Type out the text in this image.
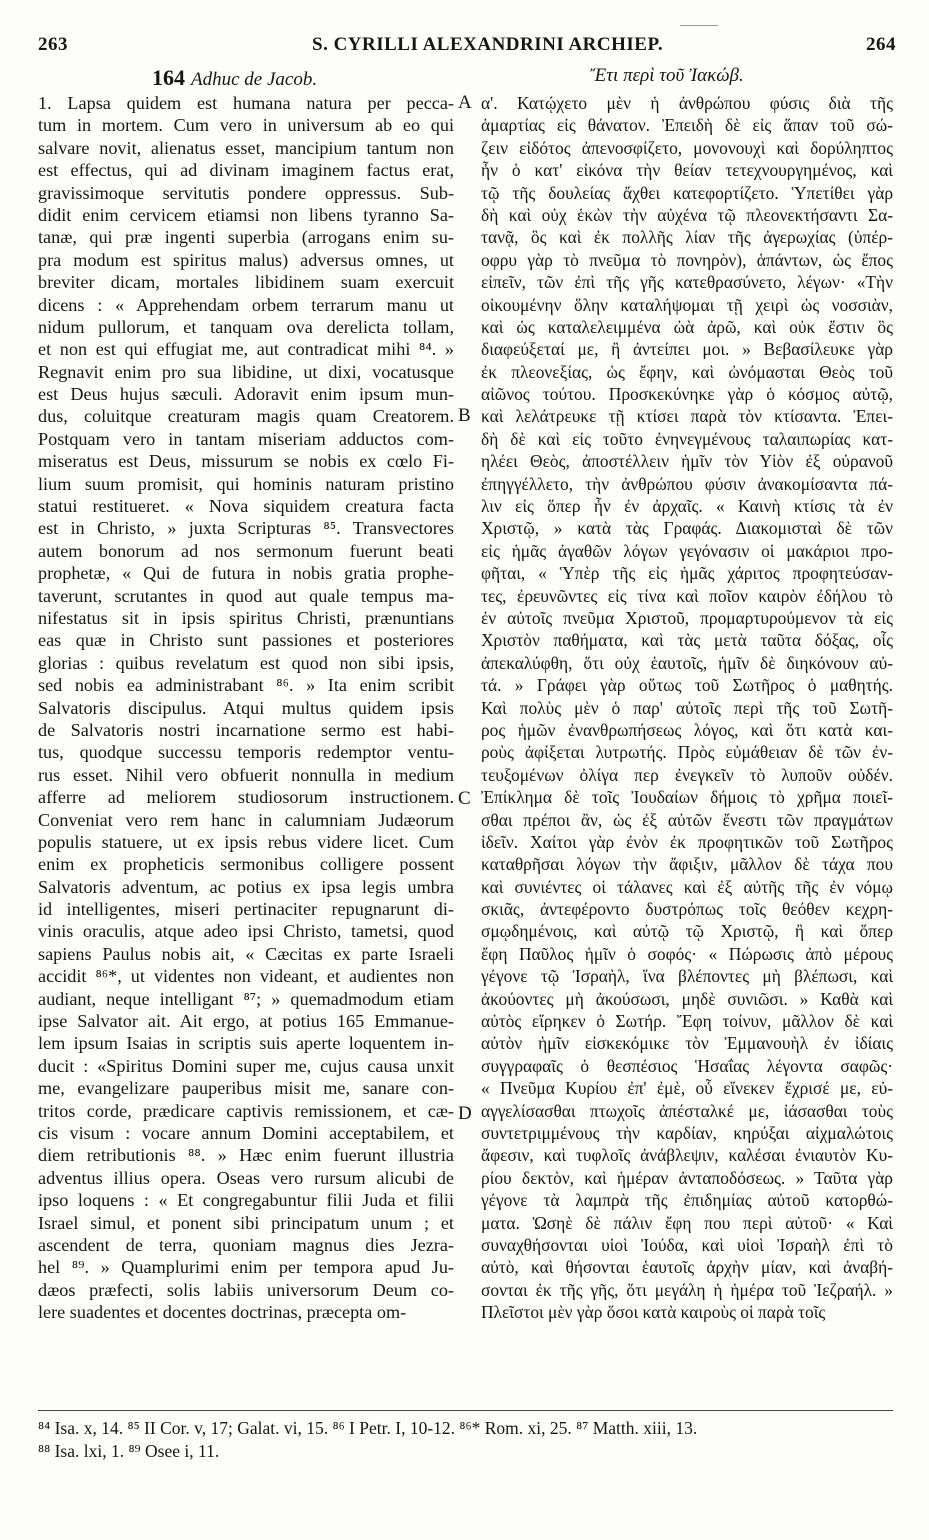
263	S. CYRILLI ALEXANDRINI ARCHIEP.	264
164 Adhuc de Jacob.	Ἔτι περὶ τοῦ Ἰακώβ.
1. Lapsa quidem est humana natura per pecca-
tum in mortem. Cum vero in universum ab eo qui
salvare novit, alienatus esset, mancipium tantum non
est effectus, qui ad divinam imaginem factus erat,
gravissimoque servitutis pondere oppressus. Sub-
didit enim cervicem etiamsi non libens tyranno Sa-
tanæ, qui præ ingenti superbia (arrogans enim su-
pra modum est spiritus malus) adversus omnes, ut
breviter dicam, mortales libidinem suam exercuit
dicens : « Apprehendam orbem terrarum manu ut
nidum pullorum, et tanquam ova derelicta tollam,
et non est qui effugiat me, aut contradicat mihi ⁸⁴. »
Regnavit enim pro sua libidine, ut dixi, vocatusque
est Deus hujus sæculi. Adoravit enim ipsum mun-
dus, coluitque creaturam magis quam Creatorem.
Postquam vero in tantam miseriam adductos com-
miseratus est Deus, missurum se nobis ex cœlo Fi-
lium suum promisit, qui hominis naturam pristino
statui restitueret. « Nova siquidem creatura facta
est in Christo, » juxta Scripturas ⁸⁵. Transvectores
autem bonorum ad nos sermonum fuerunt beati
prophetæ, « Qui de futura in nobis gratia prophe-
taverunt, scrutantes in quod aut quale tempus ma-
nifestatus sit in ipsis spiritus Christi, prænuntians
eas quæ in Christo sunt passiones et posteriores
glorias : quibus revelatum est quod non sibi ipsis,
sed nobis ea administrabant ⁸⁶. » Ita enim scribit
Salvatoris discipulus. Atqui multus quidem ipsis
de Salvatoris nostri incarnatione sermo est habi-
tus, quodque successu temporis redemptor ventu-
rus esset. Nihil vero obfuerit nonnulla in medium
afferre ad meliorem studiosorum instructionem.
Conveniat vero rem hanc in calumniam Judæorum
populis statuere, ut ex ipsis rebus videre licet. Cum
enim ex propheticis sermonibus colligere possent
Salvatoris adventum, ac potius ex ipsa legis umbra
id intelligentes, miseri pertinaciter repugnarunt di-
vinis oraculis, atque adeo ipsi Christo, tametsi, quod
sapiens Paulus nobis ait, « Cæcitas ex parte Israeli
accidit ⁸⁶*, ut videntes non videant, et audientes non
audiant, neque intelligant ⁸⁷; » quemadmodum etiam
ipse Salvator ait. Ait ergo, at potius 165 Emmanue-
lem ipsum Isaias in scriptis suis aperte loquentem in-
ducit : «Spiritus Domini super me, cujus causa unxit
me, evangelizare pauperibus misit me, sanare con-
tritos corde, prædicare captivis remissionem, et cæ-
cis visum : vocare annum Domini acceptabilem, et
diem retributionis ⁸⁸. » Hæc enim fuerunt illustria
adventus illius opera. Oseas vero rursum alicubi de
ipso loquens : « Et congregabuntur filii Juda et filii
Israel simul, et ponent sibi principatum unum ; et
ascendent de terra, quoniam magnus dies Jezra-
hel ⁸⁹. » Quamplurimi enim per tempora apud Ju-
dæos præfecti, solis labiis universorum Deum co-
lere suadentes et docentes doctrinas, præcepta om-
α'. Κατῴχετο μὲν ἡ ἀνθρώπου φύσις διὰ τῆς
ἁμαρτίας εἰς θάνατον. Ἐπειδὴ δὲ εἰς ἅπαν τοῦ σώ-
ζειν εἰδότος ἀπενοσφίζετο, μονονουχὶ καὶ δορύληπτος
ἦν ὁ κατ' εἰκόνα τὴν θείαν τετεχνουργημένος, καὶ
τῷ τῆς δουλείας ἄχθει κατεφορτίζετο. Ὑπετίθει γὰρ
δὴ καὶ οὐχ ἑκὼν τὴν αὐχένα τῷ πλεονεκτήσαντι Σα-
τανᾷ, ὃς καὶ ἐκ πολλῆς λίαν τῆς ἀγερωχίας (ὑπέρ-
οφρυ γὰρ τὸ πνεῦμα τὸ πονηρὸν), ἁπάντων, ὡς ἔπος
εἰπεῖν, τῶν ἐπὶ τῆς γῆς κατεθρασύνετο, λέγων· «Τὴν
οἰκουμένην ὅλην καταλήψομαι τῇ χειρὶ ὡς νοσσιὰν,
καὶ ὡς καταλελειμμένα ὠὰ ἀρῶ, καὶ οὐκ ἔστιν ὃς
διαφεύξεταί με, ἢ ἀντείπει μοι. » Βεβασίλευκε γὰρ
ἐκ πλεονεξίας, ὡς ἔφην, καὶ ὠνόμασται Θεὸς τοῦ
αἰῶνος τούτου. Προσκεκύνηκε γὰρ ὁ κόσμος αὐτῷ,
καὶ λελάτρευκε τῇ κτίσει παρὰ τὸν κτίσαντα. Ἐπει-
δὴ δὲ καὶ εἰς τοῦτο ἐνηνεγμένους ταλαιπωρίας κατ-
ηλέει Θεὸς, ἀποστέλλειν ἡμῖν τὸν Υἱὸν ἐξ οὐρανοῦ
ἐπηγγέλλετο, τὴν ἀνθρώπου φύσιν ἀνακομίσαντα πά-
λιν εἰς ὅπερ ἦν ἐν ἀρχαῖς. « Καινὴ κτίσις τὰ ἐν
Χριστῷ, » κατὰ τὰς Γραφάς. Διακομισταὶ δὲ τῶν
εἰς ἡμᾶς ἀγαθῶν λόγων γεγόνασιν οἱ μακάριοι προ-
φῆται, « Ὑπὲρ τῆς εἰς ἡμᾶς χάριτος προφητεύσαν-
τες, ἐρευνῶντες εἰς τίνα καὶ ποῖον καιρὸν ἐδήλου τὸ
ἐν αὐτοῖς πνεῦμα Χριστοῦ, προμαρτυρούμενον τὰ εἰς
Χριστὸν παθήματα, καὶ τὰς μετὰ ταῦτα δόξας, οἷς
ἀπεκαλύφθη, ὅτι οὐχ ἑαυτοῖς, ἡμῖν δὲ διηκόνουν αὐ-
τά. » Γράφει γὰρ οὕτως τοῦ Σωτῆρος ὁ μαθητής.
Καὶ πολὺς μὲν ὁ παρ' αὐτοῖς περὶ τῆς τοῦ Σωτῆ-
ρος ἡμῶν ἐνανθρωπήσεως λόγος, καὶ ὅτι κατὰ και-
ροὺς ἀφίξεται λυτρωτής. Πρὸς εὐμάθειαν δὲ τῶν ἐν-
τευξομένων ὀλίγα περ ἐνεγκεῖν τὸ λυποῦν οὐδέν.
Ἐπίκλημα δὲ τοῖς Ἰουδαίων δήμοις τὸ χρῆμα ποιεῖ-
σθαι πρέποι ἂν, ὡς ἐξ αὐτῶν ἔνεστι τῶν πραγμάτων
ἰδεῖν. Χαίτοι γὰρ ἐνὸν ἐκ προφητικῶν τοῦ Σωτῆρος
καταθρῆσαι λόγων τὴν ἄφιξιν, μᾶλλον δὲ τάχα που
καὶ συνιέντες οἱ τάλανες καὶ ἐξ αὐτῆς τῆς ἐν νόμῳ
σκιᾶς, ἀντεφέροντο δυστρόπως τοῖς θεόθεν κεχρη-
σμῳδημένοις, καὶ αὐτῷ τῷ Χριστῷ, ἢ καὶ ὅπερ
ἔφη Παῦλος ἡμῖν ὁ σοφός· « Πώρωσις ἀπὸ μέρους
γέγονε τῷ Ἰσραὴλ, ἵνα βλέποντες μὴ βλέπωσι, καὶ
ἀκούοντες μὴ ἀκούσωσι, μηδὲ συνιῶσι. » Καθὰ καὶ
αὐτὸς εἴρηκεν ὁ Σωτήρ. Ἔφη τοίνυν, μᾶλλον δὲ καὶ
αὐτὸν ἡμῖν εἰσκεκόμικε τὸν Ἐμμανουὴλ ἐν ἰδίαις
συγγραφαῖς ὁ θεσπέσιος Ἡσαΐας λέγοντα σαφῶς·
« Πνεῦμα Κυρίου ἐπ' ἐμὲ, οὗ εἵνεκεν ἔχρισέ με, εὐ-
αγγελίσασθαι πτωχοῖς ἀπέσταλκέ με, ἰάσασθαι τοὺς
συντετριμμένους τὴν καρδίαν, κηρύξαι αἰχμαλώτοις
ἄφεσιν, καὶ τυφλοῖς ἀνάβλεψιν, καλέσαι ἐνιαυτὸν Κυ-
ρίου δεκτὸν, καὶ ἡμέραν ἀνταποδόσεως. » Ταῦτα γὰρ
γέγονε τὰ λαμπρὰ τῆς ἐπιδημίας αὐτοῦ κατορθώ-
ματα. Ὡσηὲ δὲ πάλιν ἔφη που περὶ αὐτοῦ· « Καὶ
συναχθήσονται υἱοὶ Ἰούδα, καὶ υἱοὶ Ἰσραὴλ ἐπὶ τὸ
αὐτὸ, καὶ θήσονται ἑαυτοῖς ἀρχὴν μίαν, καὶ ἀναβή-
σονται ἐκ τῆς γῆς, ὅτι μεγάλη ἡ ἡμέρα τοῦ Ἰεζραήλ. »
Πλεῖστοι μὲν γὰρ ὅσοι κατὰ καιροὺς οἱ παρὰ τοῖς
A
B
C
D
⁸⁴ Isa. x, 14. ⁸⁵ II Cor. v, 17; Galat. vi, 15. ⁸⁶ I Petr. I, 10-12. ⁸⁶* Rom. xi, 25. ⁸⁷ Matth. xiii, 13.
⁸⁸ Isa. lxi, 1. ⁸⁹ Osee i, 11.
